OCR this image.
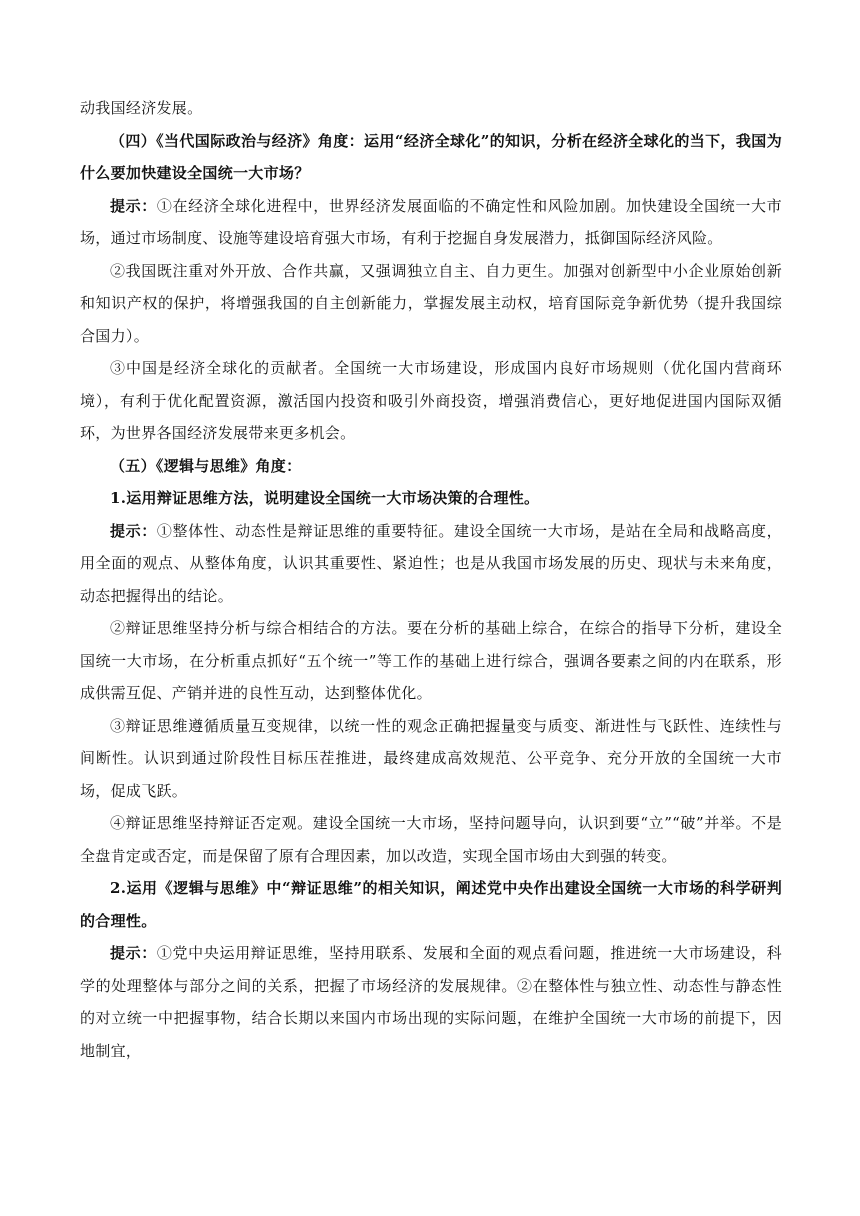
动我国经济发展。

（四）《当代国际政治与经济》角度：运用“经济全球化”的知识，分析在经济全球化的当下，我国为什么要加快建设全国统一大市场？

提示：①在经济全球化进程中，世界经济发展面临的不确定性和风险加剧。加快建设全国统一大市场，通过市场制度、设施等建设培育强大市场，有利于挖掘自身发展潜力，抵御国际经济风险。

②我国既注重对外开放、合作共赢，又强调独立自主、自力更生。加强对创新型中小企业原始创新和知识产权的保护，将增强我国的自主创新能力，掌握发展主动权，培育国际竞争新优势（提升我国综合国力）。

③中国是经济全球化的贡献者。全国统一大市场建设，形成国内良好市场规则（优化国内营商环境），有利于优化配置资源，激活国内投资和吸引外商投资，增强消费信心，更好地促进国内国际双循环，为世界各国经济发展带来更多机会。

（五）《逻辑与思维》角度：

1.运用辩证思维方法，说明建设全国统一大市场决策的合理性。

提示：①整体性、动态性是辩证思维的重要特征。建设全国统一大市场，是站在全局和战略高度，用全面的观点、从整体角度，认识其重要性、紧迫性；也是从我国市场发展的历史、现状与未来角度，动态把握得出的结论。

②辩证思维坚持分析与综合相结合的方法。要在分析的基础上综合，在综合的指导下分析，建设全国统一大市场，在分析重点抓好“五个统一”等工作的基础上进行综合，强调各要素之间的内在联系，形成供需互促、产销并进的良性互动，达到整体优化。

③辩证思维遵循质量互变规律，以统一性的观念正确把握量变与质变、渐进性与飞跃性、连续性与间断性。认识到通过阶段性目标压茬推进，最终建成高效规范、公平竞争、充分开放的全国统一大市场，促成飞跃。

④辩证思维坚持辩证否定观。建设全国统一大市场，坚持问题导向，认识到要“立”“破”并举。不是全盘肯定或否定，而是保留了原有合理因素，加以改造，实现全国市场由大到强的转变。

2.运用《逻辑与思维》中“辩证思维”的相关知识，阐述党中央作出建设全国统一大市场的科学研判的合理性。

提示：①党中央运用辩证思维，坚持用联系、发展和全面的观点看问题，推进统一大市场建设，科学的处理整体与部分之间的关系，把握了市场经济的发展规律。②在整体性与独立性、动态性与静态性的对立统一中把握事物，结合长期以来国内市场出现的实际问题，在维护全国统一大市场的前提下，因地制宜，
